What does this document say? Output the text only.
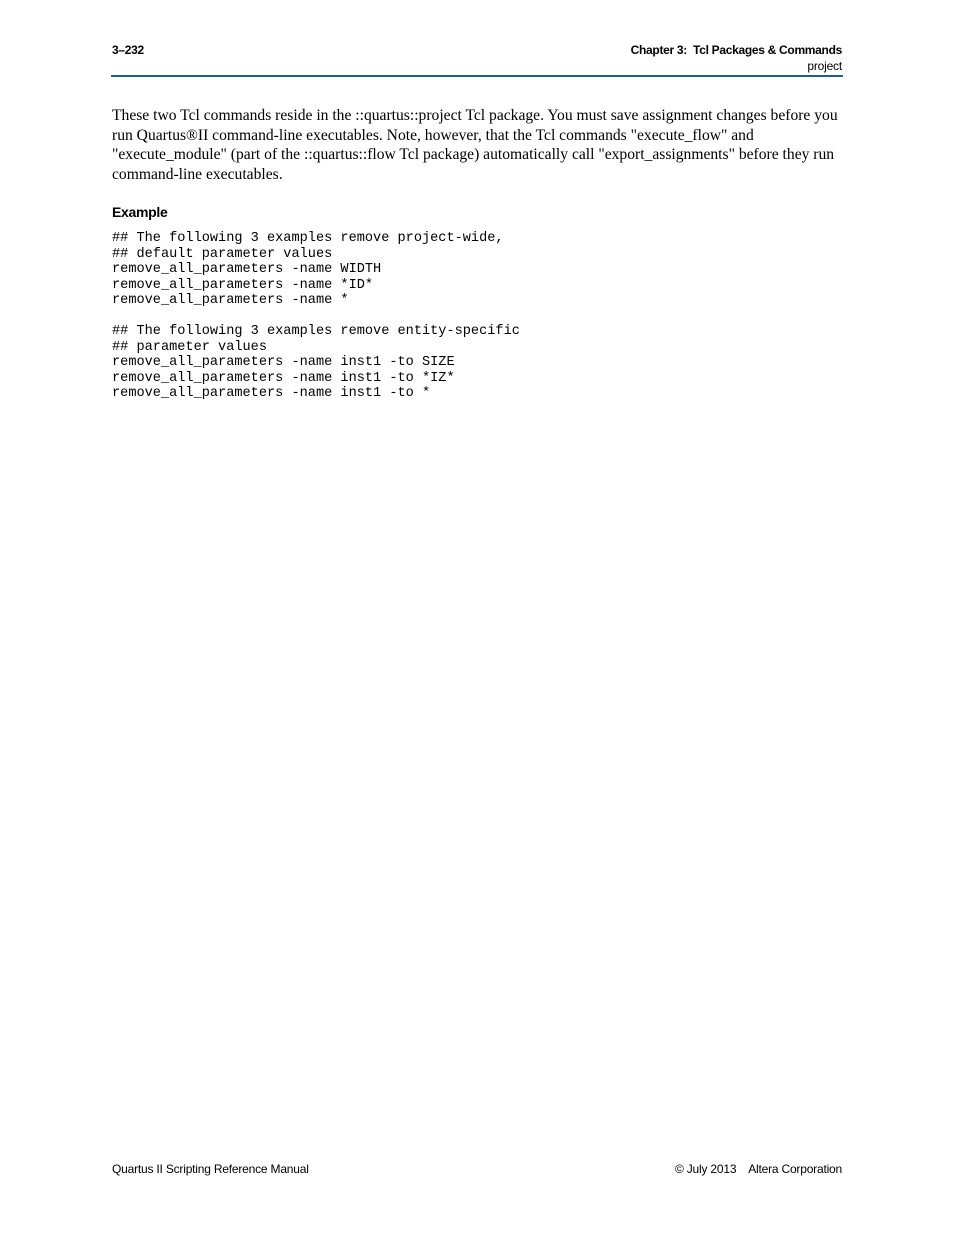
3–232	Chapter 3:  Tcl Packages & Commands
project

These two Tcl commands reside in the ::quartus::project Tcl package. You must save assignment changes before you run Quartus®II command-line executables. Note, however, that the Tcl commands "execute_flow" and "execute_module" (part of the ::quartus::flow Tcl package) automatically call "export_assignments" before they run command-line executables.

Example
## The following 3 examples remove project-wide,
## default parameter values
remove_all_parameters -name WIDTH
remove_all_parameters -name *ID*
remove_all_parameters -name *
## The following 3 examples remove entity-specific
## parameter values
remove_all_parameters -name inst1 -to SIZE
remove_all_parameters -name inst1 -to *IZ*
remove_all_parameters -name inst1 -to *
Quartus II Scripting Reference Manual	© July 2013    Altera Corporation
